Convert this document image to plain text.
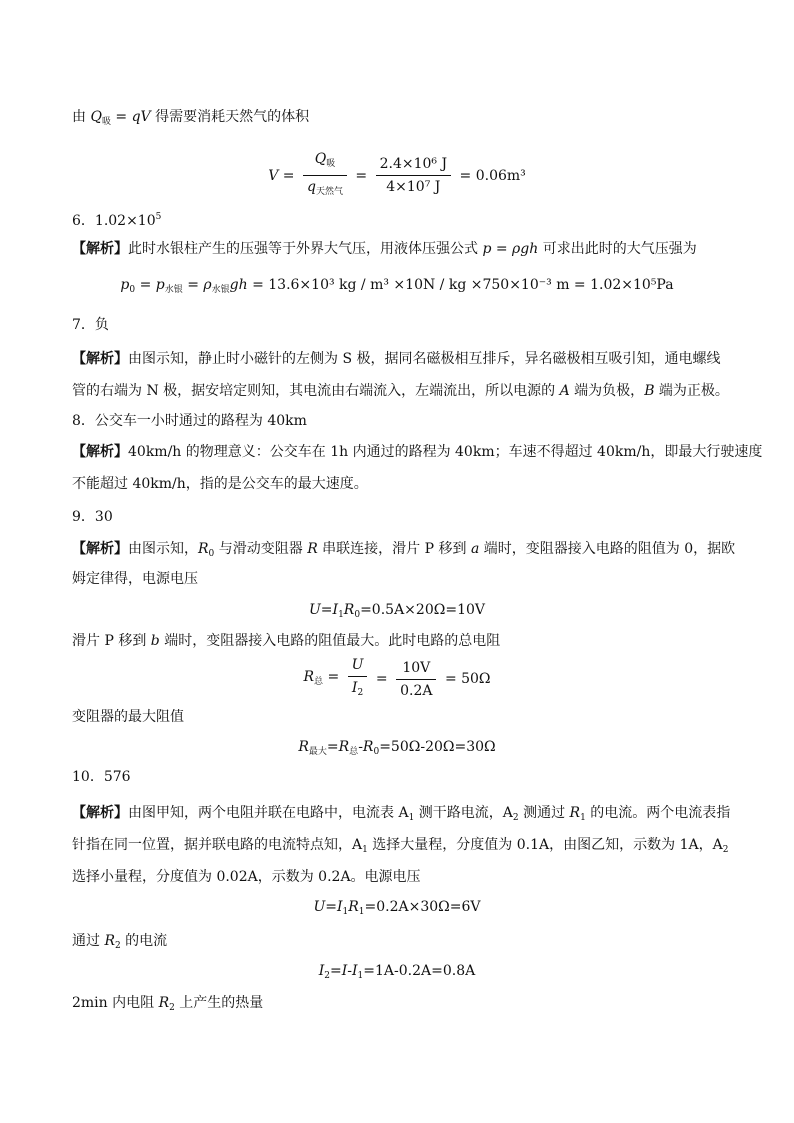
由 $Q_吸$ = qV 得需要消耗天然气的体积
$V = \frac{Q_吸}{q_{天然气}} = \frac{\text{2.4×10⁶ J}}{\text{4×10⁷ J}} = 0.06m^3$
6．$1.02\times 10^5$
【解析】此时水银柱产生的压强等于外界大气压，用液体压强公式 p = ρgh 可求出此时的大气压强为
$p_0 = p_{水银} = \rho_{水银}gh = 13.6\times 10^3$ kg / m³ ×10N / kg ×750×10⁻³ m = 1.02×10⁵Pa
7．负
【解析】由图示知，静止时小磁针的左侧为 S 极，据同名磁极相互排斥，异名磁极相互吸引知，通电螺线
管的右端为 N 极，据安培定则知，其电流由右端流入，左端流出，所以电源的 A 端为负极，B 端为正极。
8．公交车一小时通过的路程为 40km
【解析】40km/h 的物理意义：公交车在 1h 内通过的路程为 40km；车速不得超过 40km/h，即最大行驶速度
不能超过 40km/h，指的是公交车的最大速度。
9．30
【解析】由图示知，$R_0$ 与滑动变阻器 R 串联连接，滑片 P 移到 a 端时，变阻器接入电路的阻值为 0，据欧
姆定律得，电源电压
$U=I_1R_0=0.5A\times 20\Omega=10V$
滑片 P 移到 b 端时，变阻器接入电路的阻值最大。此时电路的总电阻
$R_总 = \frac{U}{I_2} = \frac{10V}{0.2A} = 50\Omega$
变阻器的最大阻值
$R_{最大}=R_总-R_0=50\Omega-20\Omega=30\Omega$
10．576
【解析】由图甲知，两个电阻并联在电路中，电流表 $A_1$ 测干路电流，$A_2$ 测通过 $R_1$ 的电流。两个电流表指
针指在同一位置，据并联电路的电流特点知，$A_1$ 选择大量程，分度值为 0.1A，由图乙知，示数为 1A，$A_2$
选择小量程，分度值为 0.02A，示数为 0.2A。电源电压
$U=I_1R_1=0.2A\times 30\Omega=6V$
通过 $R_2$ 的电流
$I_2=I-I_1=1A-0.2A=0.8A$
2min 内电阻 $R_2$ 上产生的热量
